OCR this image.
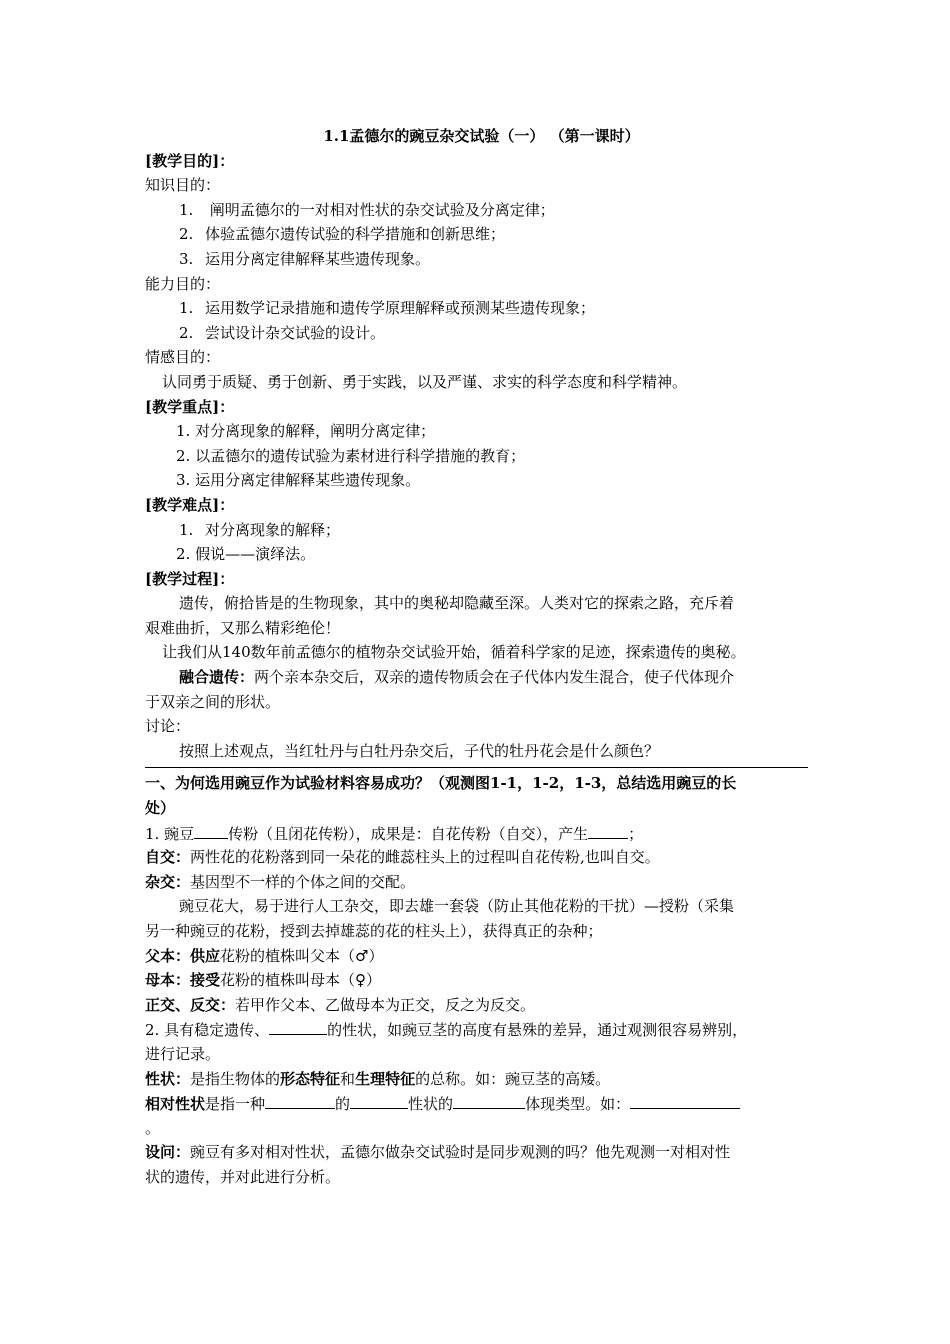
1.1孟德尔的豌豆杂交试验（一） （第一课时）
[教学目的]：
知识目的：
1. 阐明孟德尔的一对相对性状的杂交试验及分离定律；
2. 体验孟德尔遗传试验的科学措施和创新思维；
3. 运用分离定律解释某些遗传现象。
能力目的：
1. 运用数学记录措施和遗传学原理解释或预测某些遗传现象；
2. 尝试设计杂交试验的设计。
情感目的：
认同勇于质疑、勇于创新、勇于实践，以及严谨、求实的科学态度和科学精神。
[教学重点]：
1. 对分离现象的解释，阐明分离定律；
2. 以孟德尔的遗传试验为素材进行科学措施的教育；
3. 运用分离定律解释某些遗传现象。
[教学难点]：
1. 对分离现象的解释；
2. 假说——演绎法。
[教学过程]：
遗传，俯拾皆是的生物现象，其中的奥秘却隐藏至深。人类对它的探索之路，充斥着
艰难曲折，又那么精彩绝伦！
让我们从140数年前孟德尔的植物杂交试验开始，循着科学家的足迹，探索遗传的奥秘。
融合遗传：两个亲本杂交后，双亲的遗传物质会在子代体内发生混合，使子代体现介
于双亲之间的形状。
讨论：
按照上述观点，当红牡丹与白牡丹杂交后，子代的牡丹花会是什么颜色？
一、为何选用豌豆作为试验材料容易成功？（观测图1-1，1-2，1-3，总结选用豌豆的长
处）
1. 豌豆 传粉（且闭花传粉），成果是：自花传粉（自交），产生	；
自交：两性花的花粉落到同一朵花的雌蕊柱头上的过程叫自花传粉,也叫自交。
杂交：基因型不一样的个体之间的交配。
豌豆花大，易于进行人工杂交，即去雄一套袋（防止其他花粉的干扰）—授粉（采集
另一种豌豆的花粉，授到去掉雄蕊的花的柱头上），获得真正的杂种；
父本：供应花粉的植株叫父本（♂）
母本：接受花粉的植株叫母本（♀）
正交、反交：若甲作父本、乙做母本为正交，反之为反交。
2. 具有稳定遗传、	的性状，如豌豆茎的高度有悬殊的差异，通过观测很容易辨别，
进行记录。
性状：是指生物体的形态特征和生理特征的总称。如：豌豆茎的高矮。
相对性状是指一种	的	性状的	体现类型。如：
。
设问：豌豆有多对相对性状，孟德尔做杂交试验时是同步观测的吗？他先观测一对相对性
状的遗传，并对此进行分析。
